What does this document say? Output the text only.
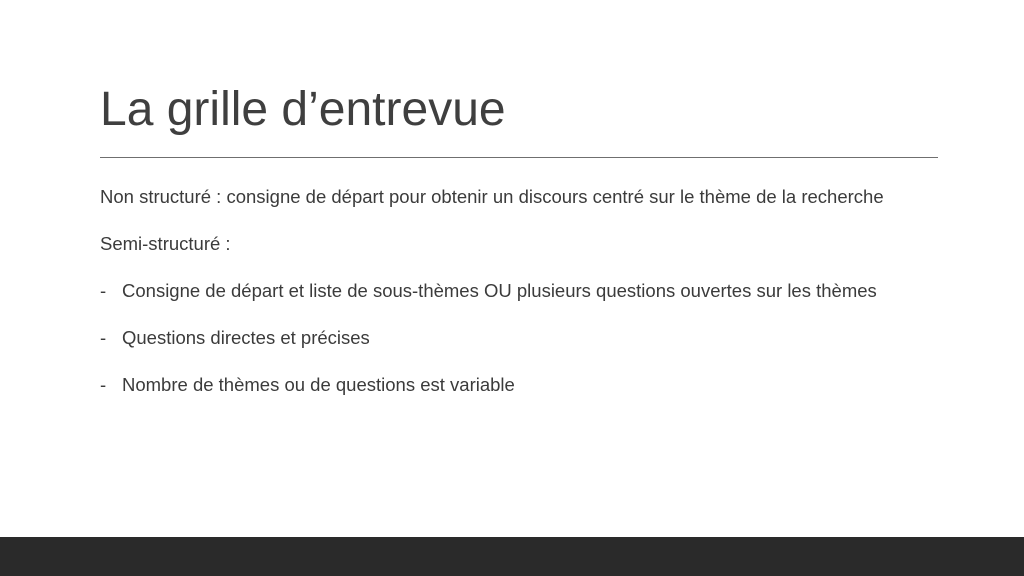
La grille d’entrevue

Non structuré : consigne de départ pour obtenir un discours centré sur le thème de la recherche

Semi-structuré :

- Consigne de départ et liste de sous-thèmes OU plusieurs questions ouvertes sur les thèmes

- Questions directes et précises

- Nombre de thèmes ou de questions est variable
